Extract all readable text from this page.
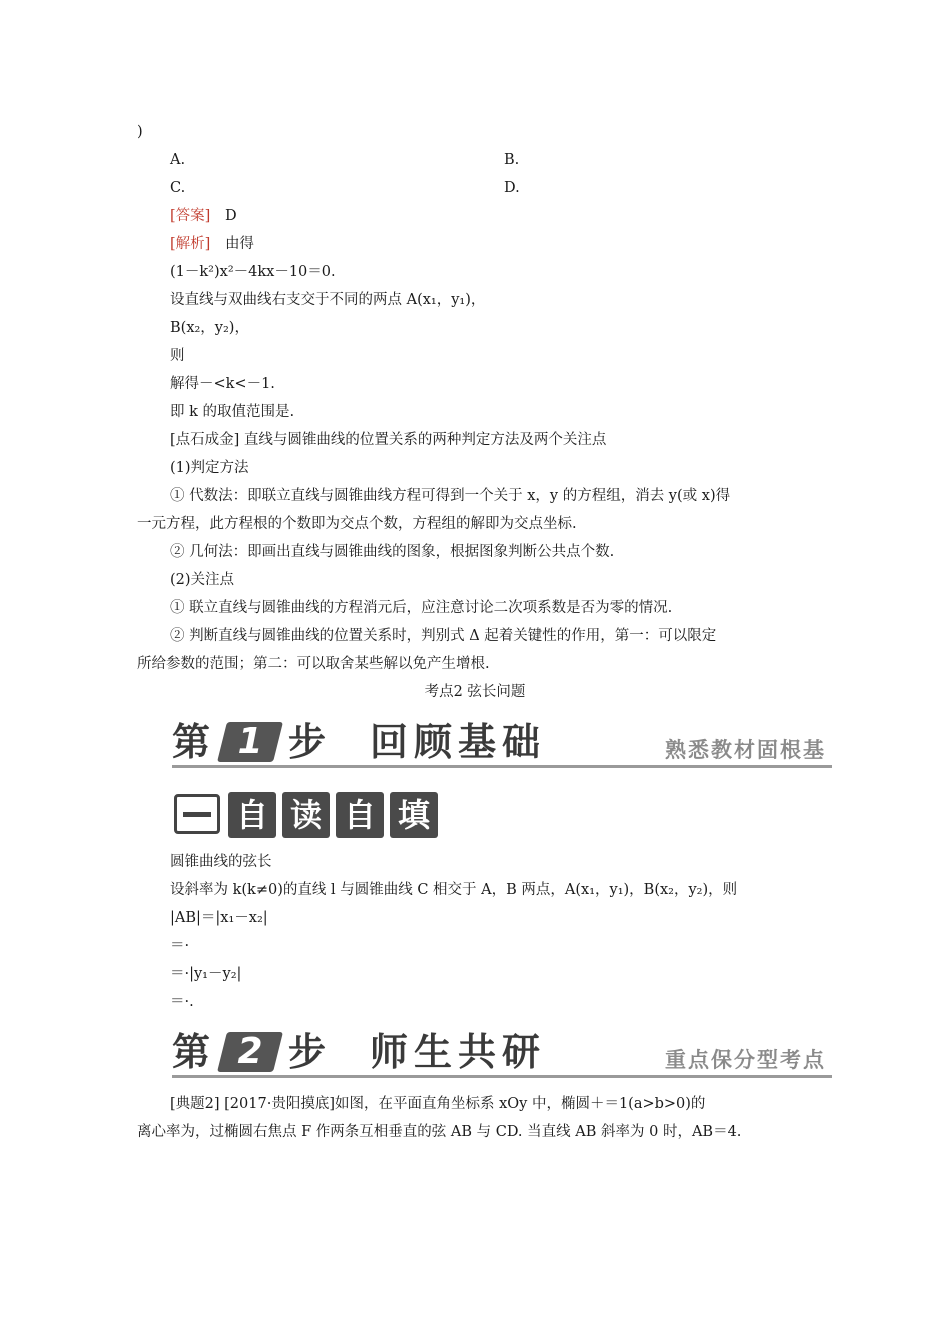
)
A.	B.
C.	D.
[答案] D
[解析] 由得
(1－k²)x²－4kx－10＝0.
设直线与双曲线右支交于不同的两点 A(x₁，y₁)，
B(x₂，y₂)，
则
解得－<k<－1.
即 k 的取值范围是.
[点石成金] 直线与圆锥曲线的位置关系的两种判定方法及两个关注点
(1)判定方法
① 代数法：即联立直线与圆锥曲线方程可得到一个关于 x，y 的方程组，消去 y(或 x)得
一元方程，此方程根的个数即为交点个数，方程组的解即为交点坐标.
② 几何法：即画出直线与圆锥曲线的图象，根据图象判断公共点个数.
(2)关注点
① 联立直线与圆锥曲线的方程消元后，应注意讨论二次项系数是否为零的情况.
② 判断直线与圆锥曲线的位置关系时，判别式 Δ 起着关键性的作用，第一：可以限定
所给参数的范围；第二：可以取舍某些解以免产生增根.
考点2 弦长问题
第 1 步 回顾基础	熟悉教材固根基
自 读 自 填
圆锥曲线的弦长
设斜率为 k(k≠0)的直线 l 与圆锥曲线 C 相交于 A，B 两点，A(x₁，y₁)，B(x₂，y₂)，则
|AB|＝|x₁－x₂|
＝·
＝·|y₁－y₂|
＝·.
第 2 步 师生共研	重点保分型考点
[典题2] [2017·贵阳摸底]如图，在平面直角坐标系 xOy 中，椭圆＋＝1(a>b>0)的
离心率为，过椭圆右焦点 F 作两条互相垂直的弦 AB 与 CD. 当直线 AB 斜率为 0 时，AB＝4.
